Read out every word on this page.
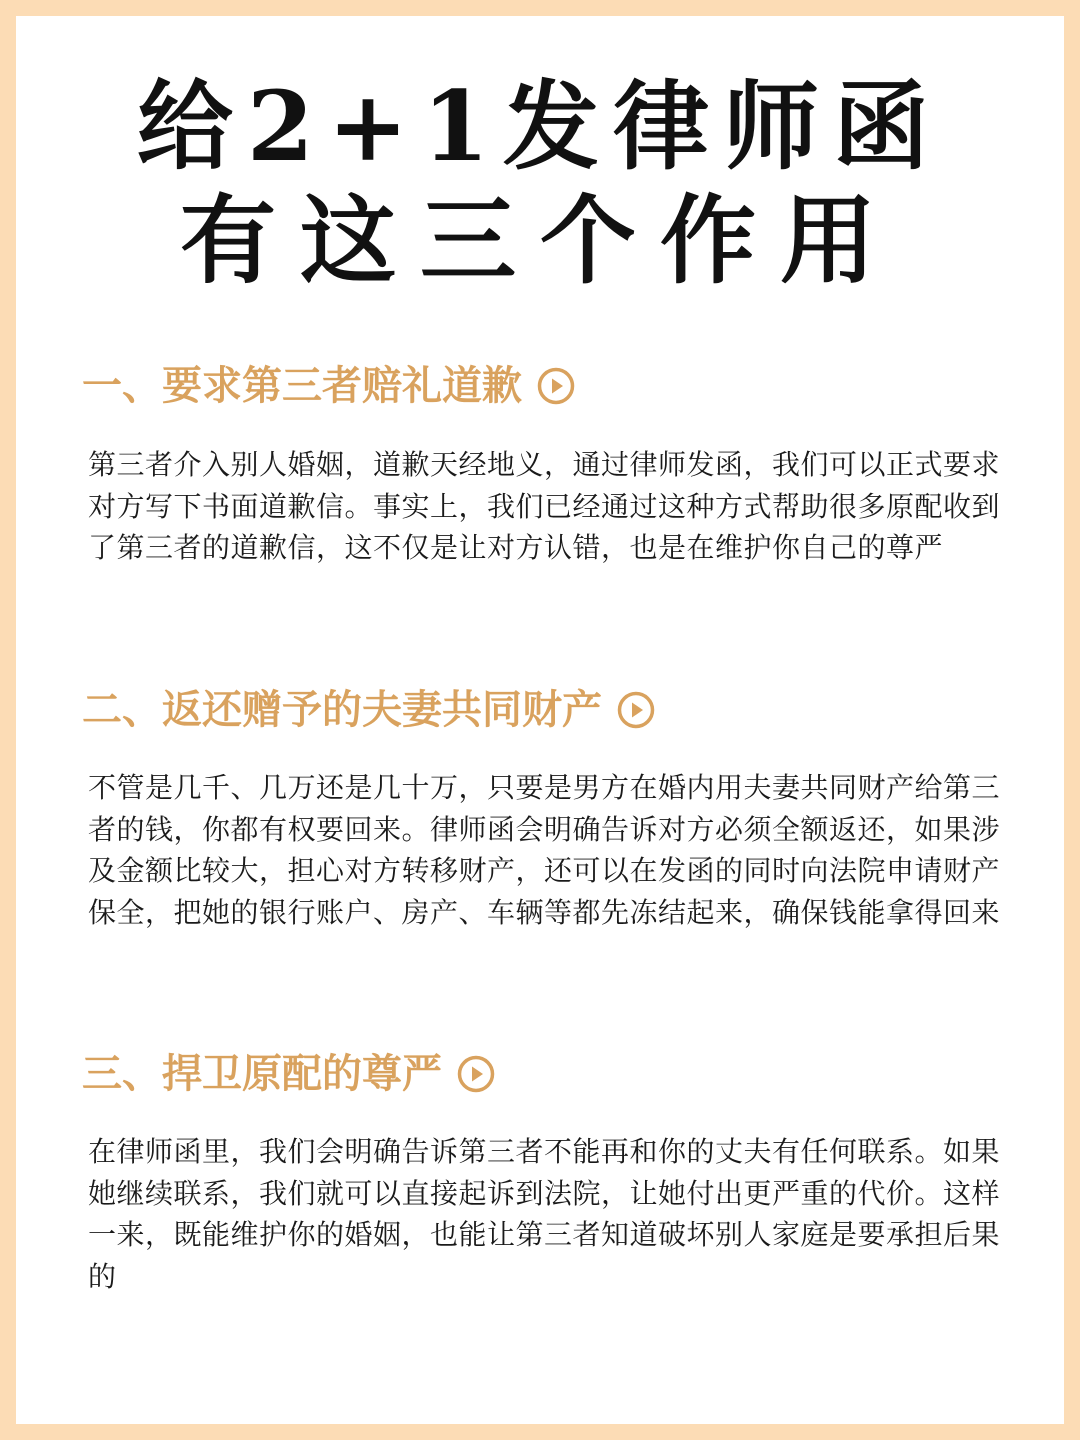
给2+1发律师函
有这三个作用
一、要求第三者赔礼道歉

第三者介入别人婚姻，道歉天经地义，通过律师发函，我们可以正式要求对方写下书面道歉信。事实上，我们已经通过这种方式帮助很多原配收到了第三者的道歉信，这不仅是让对方认错，也是在维护你自己的尊严

二、返还赠予的夫妻共同财产

不管是几千、几万还是几十万，只要是男方在婚内用夫妻共同财产给第三者的钱，你都有权要回来。律师函会明确告诉对方必须全额返还，如果涉及金额比较大，担心对方转移财产，还可以在发函的同时向法院申请财产保全，把她的银行账户、房产、车辆等都先冻结起来，确保钱能拿得回来

三、捍卫原配的尊严

在律师函里，我们会明确告诉第三者不能再和你的丈夫有任何联系。如果她继续联系，我们就可以直接起诉到法院，让她付出更严重的代价。这样一来，既能维护你的婚姻，也能让第三者知道破坏别人家庭是要承担后果的
